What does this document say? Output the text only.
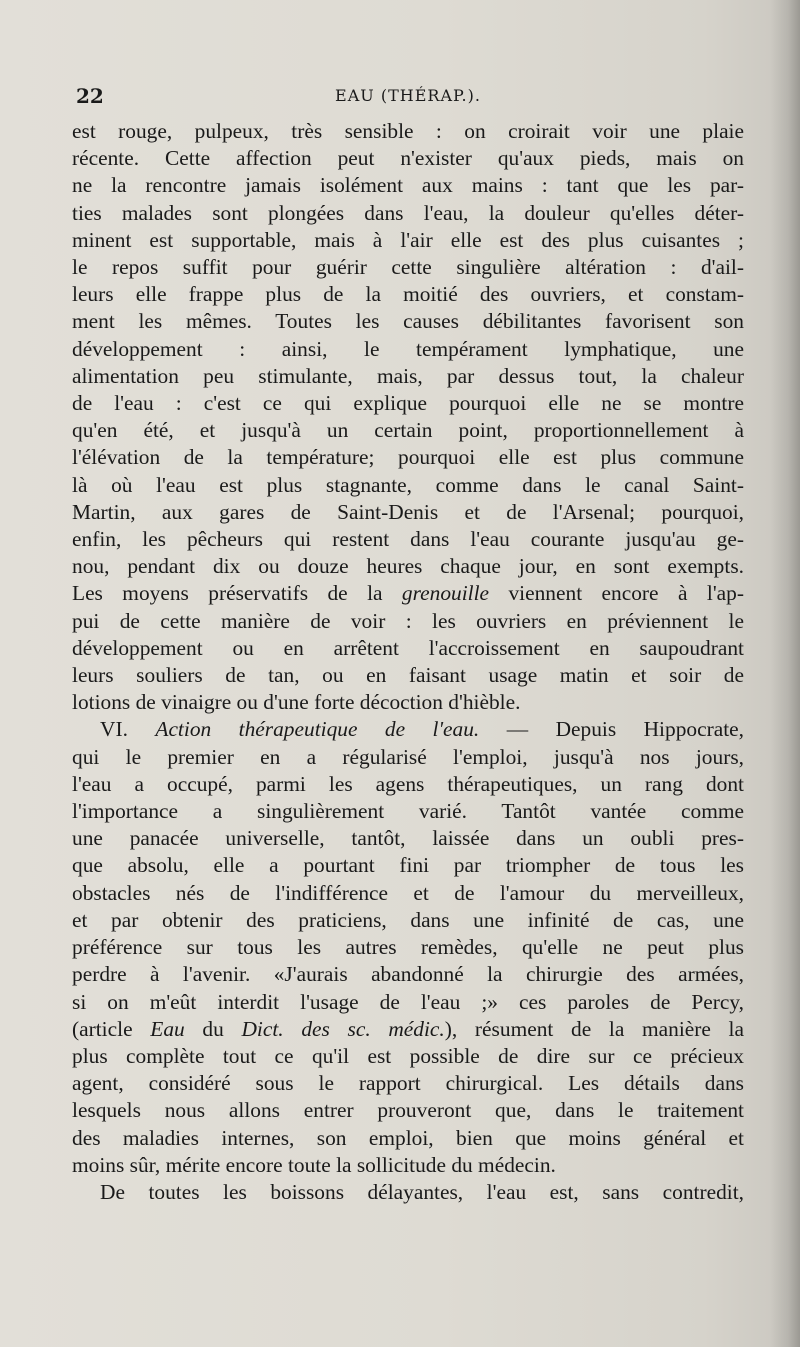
22	EAU (THÉRAP.).
est rouge, pulpeux, très sensible : on croirait voir une plaie
récente. Cette affection peut n'exister qu'aux pieds, mais on
ne la rencontre jamais isolément aux mains : tant que les par-
ties malades sont plongées dans l'eau, la douleur qu'elles déter-
minent est supportable, mais à l'air elle est des plus cuisantes ;
le repos suffit pour guérir cette singulière altération : d'ail-
leurs elle frappe plus de la moitié des ouvriers, et constam-
ment les mêmes. Toutes les causes débilitantes favorisent son
développement : ainsi, le tempérament lymphatique, une
alimentation peu stimulante, mais, par dessus tout, la chaleur
de l'eau : c'est ce qui explique pourquoi elle ne se montre
qu'en été, et jusqu'à un certain point, proportionnellement à
l'élévation de la température; pourquoi elle est plus commune
là où l'eau est plus stagnante, comme dans le canal Saint-
Martin, aux gares de Saint-Denis et de l'Arsenal; pourquoi,
enfin, les pêcheurs qui restent dans l'eau courante jusqu'au ge-
nou, pendant dix ou douze heures chaque jour, en sont exempts.
Les moyens préservatifs de la grenouille viennent encore à l'ap-
pui de cette manière de voir : les ouvriers en préviennent le
développement ou en arrêtent l'accroissement en saupoudrant
leurs souliers de tan, ou en faisant usage matin et soir de
lotions de vinaigre ou d'une forte décoction d'hièble.
VI. Action thérapeutique de l'eau. — Depuis Hippocrate,
qui le premier en a régularisé l'emploi, jusqu'à nos jours,
l'eau a occupé, parmi les agens thérapeutiques, un rang dont
l'importance a singulièrement varié. Tantôt vantée comme
une panacée universelle, tantôt, laissée dans un oubli pres-
que absolu, elle a pourtant fini par triompher de tous les
obstacles nés de l'indifférence et de l'amour du merveilleux,
et par obtenir des praticiens, dans une infinité de cas, une
préférence sur tous les autres remèdes, qu'elle ne peut plus
perdre à l'avenir. «J'aurais abandonné la chirurgie des armées,
si on m'eût interdit l'usage de l'eau ;» ces paroles de Percy,
(article Eau du Dict. des sc. médic.), résument de la manière la
plus complète tout ce qu'il est possible de dire sur ce précieux
agent, considéré sous le rapport chirurgical. Les détails dans
lesquels nous allons entrer prouveront que, dans le traitement
des maladies internes, son emploi, bien que moins général et
moins sûr, mérite encore toute la sollicitude du médecin.
De toutes les boissons délayantes, l'eau est, sans contredit,
